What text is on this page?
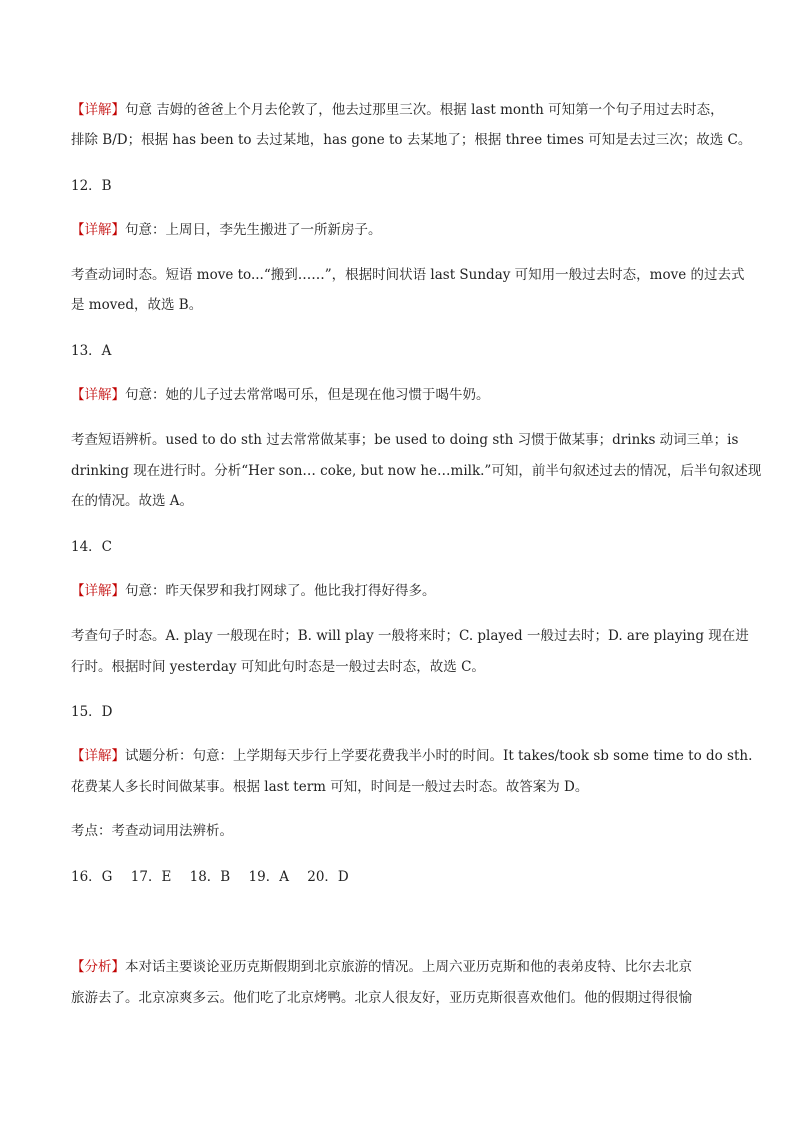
【详解】句意 吉姆的爸爸上个月去伦敦了，他去过那里三次。根据 last month 可知第一个句子用过去时态，
排除 B/D；根据 has been to 去过某地，has gone to 去某地了；根据 three times 可知是去过三次；故选 C。
12．B
【详解】句意：上周日，李先生搬进了一所新房子。
考查动词时态。短语 move to...“搬到……”，根据时间状语 last Sunday 可知用一般过去时态，move 的过去式
是 moved，故选 B。
13．A
【详解】句意：她的儿子过去常常喝可乐，但是现在他习惯于喝牛奶。
考查短语辨析。used to do sth 过去常常做某事；be used to doing sth 习惯于做某事；drinks 动词三单；is
drinking 现在进行时。分析“Her son… coke, but now he…milk.”可知，前半句叙述过去的情况，后半句叙述现
在的情况。故选 A。
14．C
【详解】句意：昨天保罗和我打网球了。他比我打得好得多。
考查句子时态。A. play 一般现在时；B. will play 一般将来时；C. played 一般过去时；D. are playing 现在进
行时。根据时间 yesterday 可知此句时态是一般过去时态，故选 C。
15．D
【详解】试题分析：句意：上学期每天步行上学要花费我半小时的时间。It takes/took sb some time to do sth.
花费某人多长时间做某事。根据 last term 可知，时间是一般过去时态。故答案为 D。
考点：考查动词用法辨析。
16．G 17．E 18．B 19．A 20．D
【分析】本对话主要谈论亚历克斯假期到北京旅游的情况。上周六亚历克斯和他的表弟皮特、比尔去北京
旅游去了。北京凉爽多云。他们吃了北京烤鸭。北京人很友好，亚历克斯很喜欢他们。他的假期过得很愉
